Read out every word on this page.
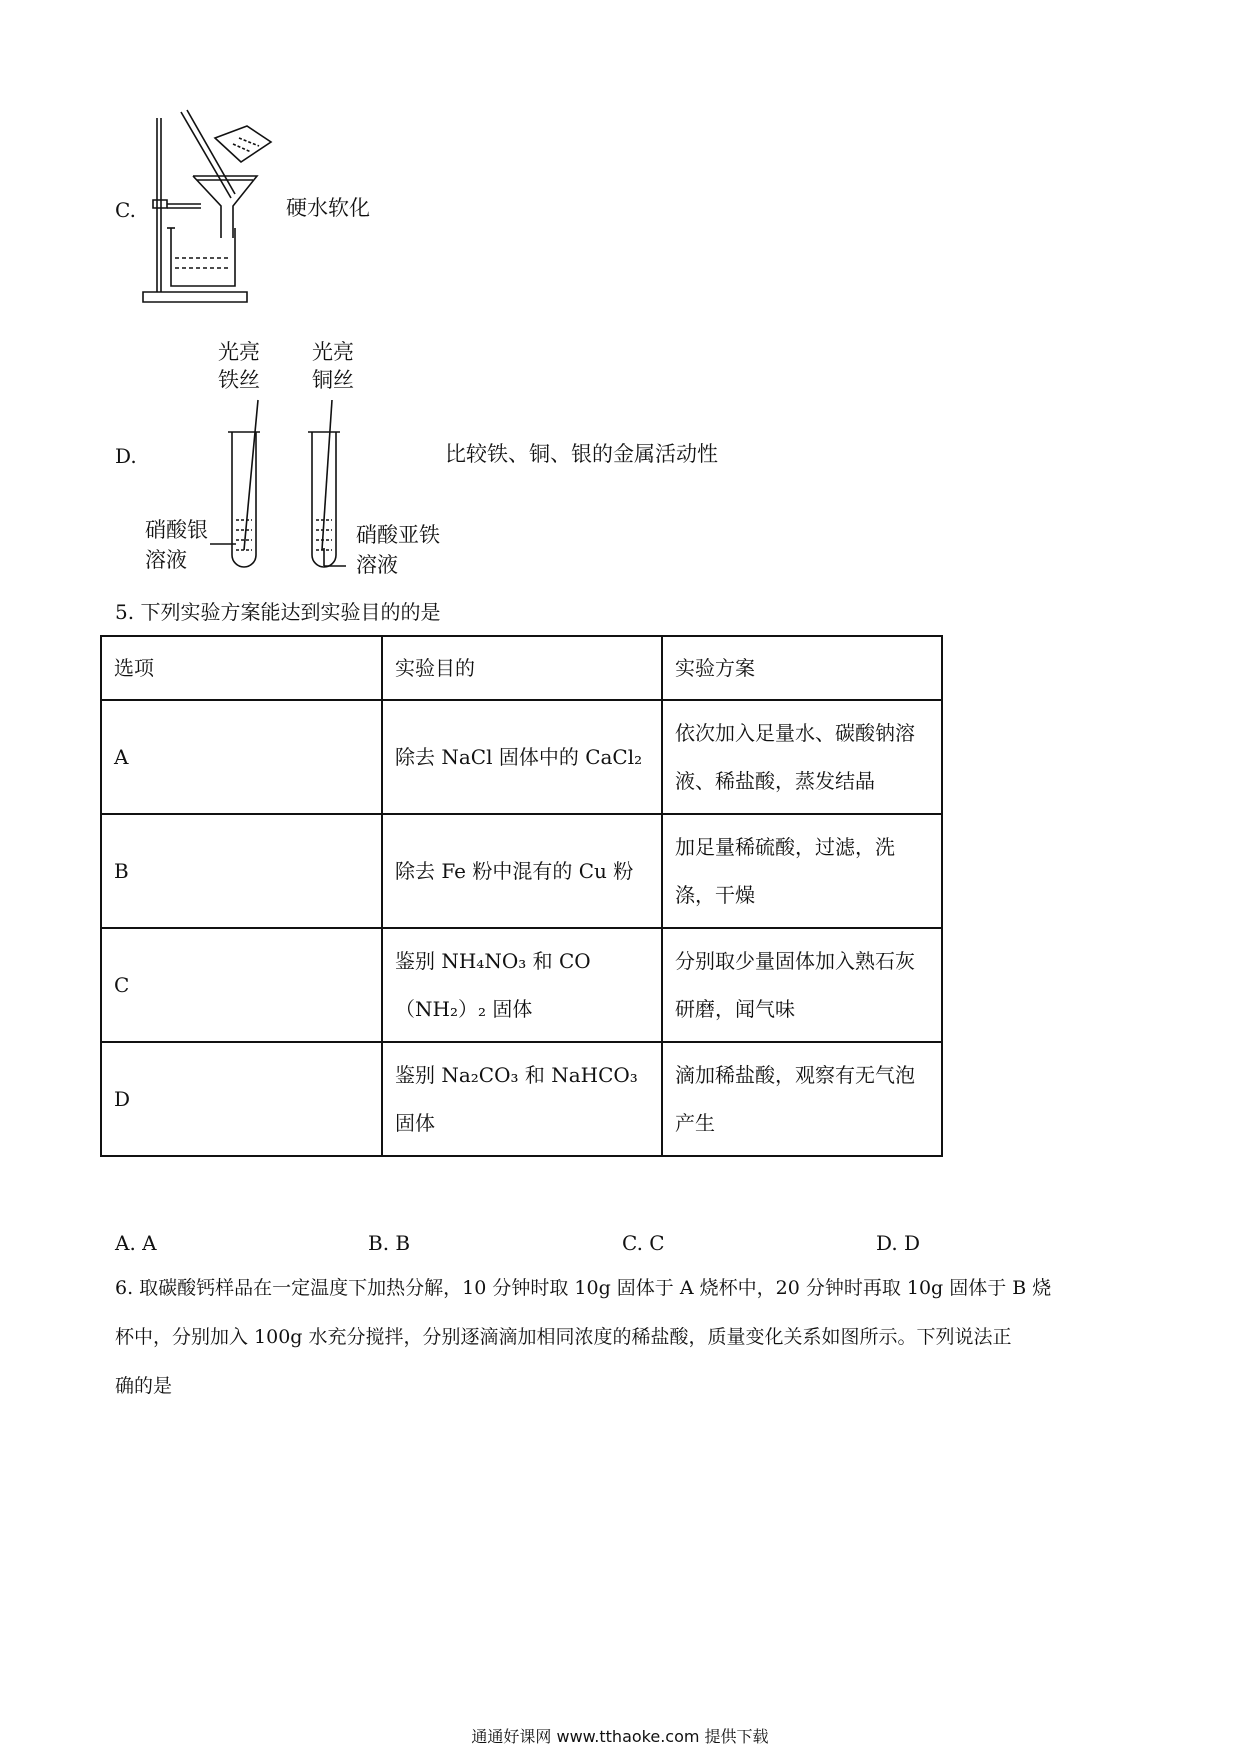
C.	硬水软化
光亮
铁丝
光亮
铜丝
D.	比较铁、铜、银的金属活动性
硝酸银
溶液
硝酸亚铁
溶液
5. 下列实验方案能达到实验目的的是
选项	实验目的	实验方案
A	除去 NaCl 固体中的 CaCl₂	依次加入足量水、碳酸钠溶液、稀盐酸，蒸发结晶
B	除去 Fe 粉中混有的 Cu 粉	加足量稀硫酸，过滤，洗涤，干燥
C	鉴别 NH₄NO₃ 和 CO（NH₂）₂ 固体	分别取少量固体加入熟石灰研磨，闻气味
D	鉴别 Na₂CO₃ 和 NaHCO₃ 固体	滴加稀盐酸，观察有无气泡产生
A. A	B. B	C. C	D. D
6. 取碳酸钙样品在一定温度下加热分解，10 分钟时取 10g 固体于 A 烧杯中，20 分钟时再取 10g 固体于 B 烧
杯中，分别加入 100g 水充分搅拌，分别逐滴滴加相同浓度的稀盐酸，质量变化关系如图所示。下列说法正
确的是
通通好课网 www.tthaoke.com 提供下载
